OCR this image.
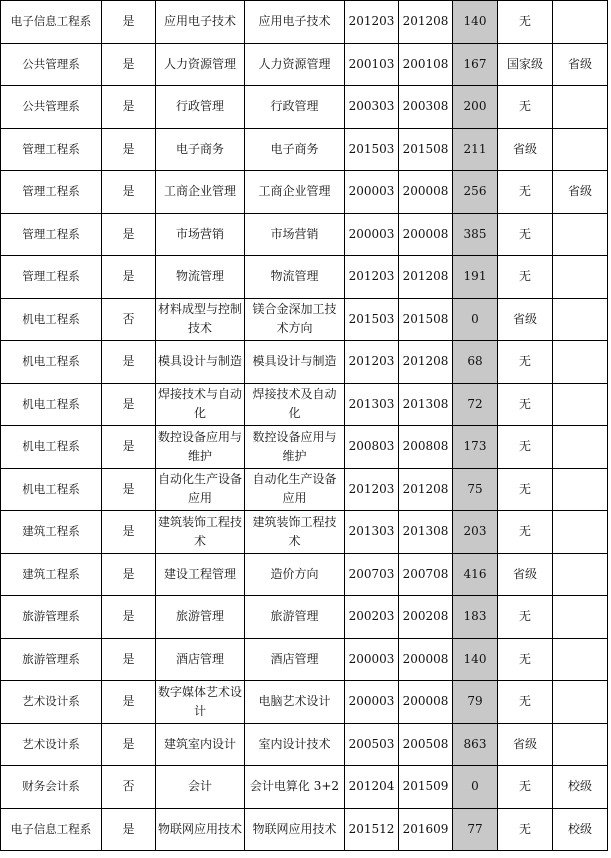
电子信息工程系	是	应用电子技术	应用电子技术	201203	201208	140	无	
公共管理系	是	人力资源管理	人力资源管理	200103	200108	167	国家级	省级
公共管理系	是	行政管理	行政管理	200303	200308	200	无	
管理工程系	是	电子商务	电子商务	201503	201508	211	省级	
管理工程系	是	工商企业管理	工商企业管理	200003	200008	256	无	省级
管理工程系	是	市场营销	市场营销	200003	200008	385	无	
管理工程系	是	物流管理	物流管理	201203	201208	191	无	
机电工程系	否	材料成型与控制技术	镁合金深加工技术方向	201503	201508	0	省级	
机电工程系	是	模具设计与制造	模具设计与制造	201203	201208	68	无	
机电工程系	是	焊接技术与自动化	焊接技术及自动化	201303	201308	72	无	
机电工程系	是	数控设备应用与维护	数控设备应用与维护	200803	200808	173	无	
机电工程系	是	自动化生产设备应用	自动化生产设备应用	201203	201208	75	无	
建筑工程系	是	建筑装饰工程技术	建筑装饰工程技术	201303	201308	203	无	
建筑工程系	是	建设工程管理	造价方向	200703	200708	416	省级	
旅游管理系	是	旅游管理	旅游管理	200203	200208	183	无	
旅游管理系	是	酒店管理	酒店管理	200003	200008	140	无	
艺术设计系	是	数字媒体艺术设计	电脑艺术设计	200003	200008	79	无	
艺术设计系	是	建筑室内设计	室内设计技术	200503	200508	863	省级	
财务会计系	否	会计	会计电算化 3+2	201204	201509	0	无	校级
电子信息工程系	是	物联网应用技术	物联网应用技术	201512	201609	77	无	校级
